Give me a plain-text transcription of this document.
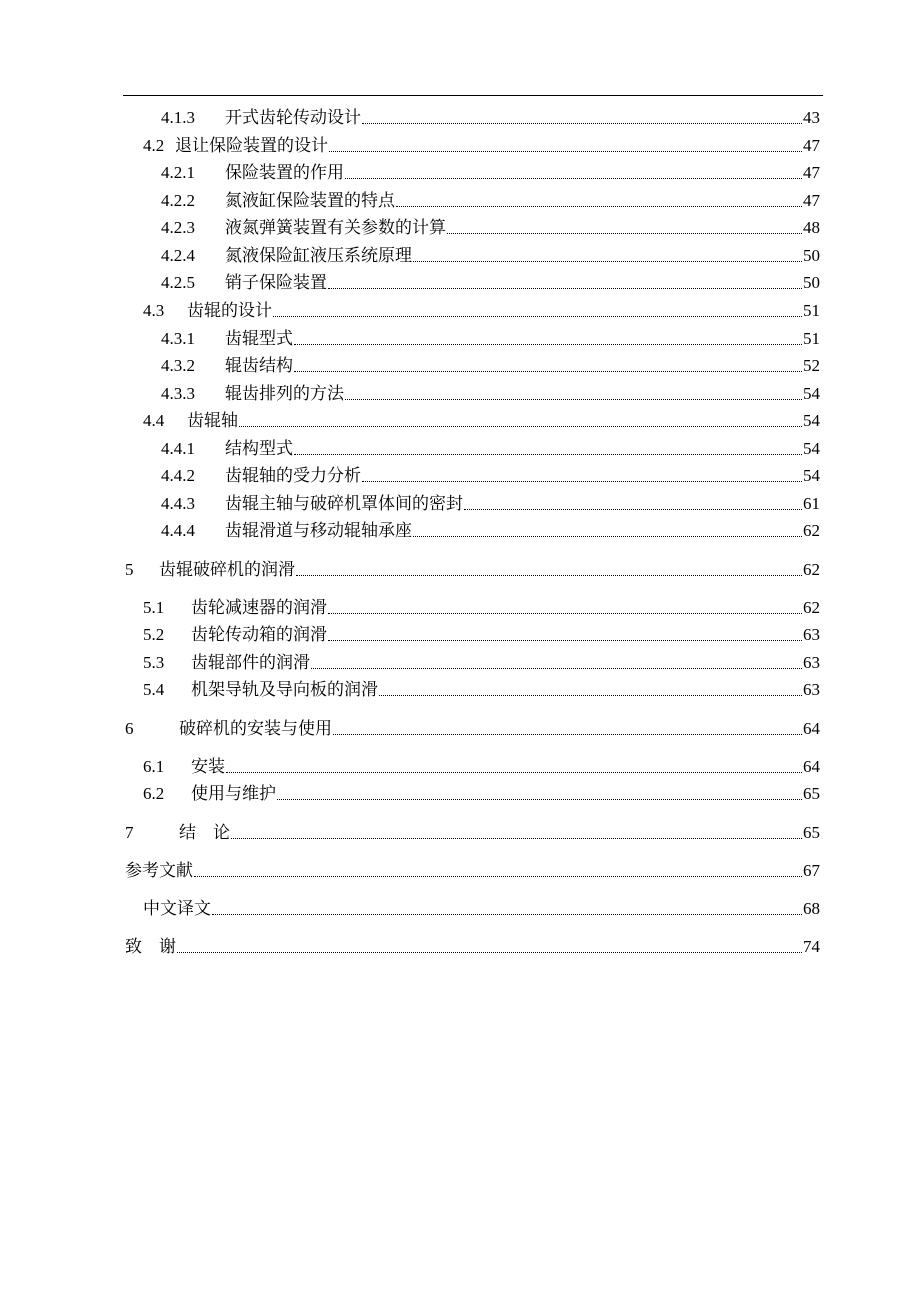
4.1.3	开式齿轮传动设计	43
4.2 退让保险装置的设计	47
4.2.1	保险装置的作用	47
4.2.2	氮液缸保险装置的特点	47
4.2.3	液氮弹簧装置有关参数的计算	48
4.2.4	氮液保险缸液压系统原理	50
4.2.5	销子保险装置	50
4.3	齿辊的设计	51
4.3.1	齿辊型式	51
4.3.2	辊齿结构	52
4.3.3	辊齿排列的方法	54
4.4	齿辊轴	54
4.4.1	结构型式	54
4.4.2	齿辊轴的受力分析	54
4.4.3	齿辊主轴与破碎机罩体间的密封	61
4.4.4	齿辊滑道与移动辊轴承座	62
5	齿辊破碎机的润滑	62
5.1	齿轮减速器的润滑	62
5.2	齿轮传动箱的润滑	63
5.3	齿辊部件的润滑	63
5.4	机架导轨及导向板的润滑	63
6	破碎机的安装与使用	64
6.1	安装	64
6.2	使用与维护	65
7	结　论	65
参考文献	67
中文译文	68
致　谢	74
